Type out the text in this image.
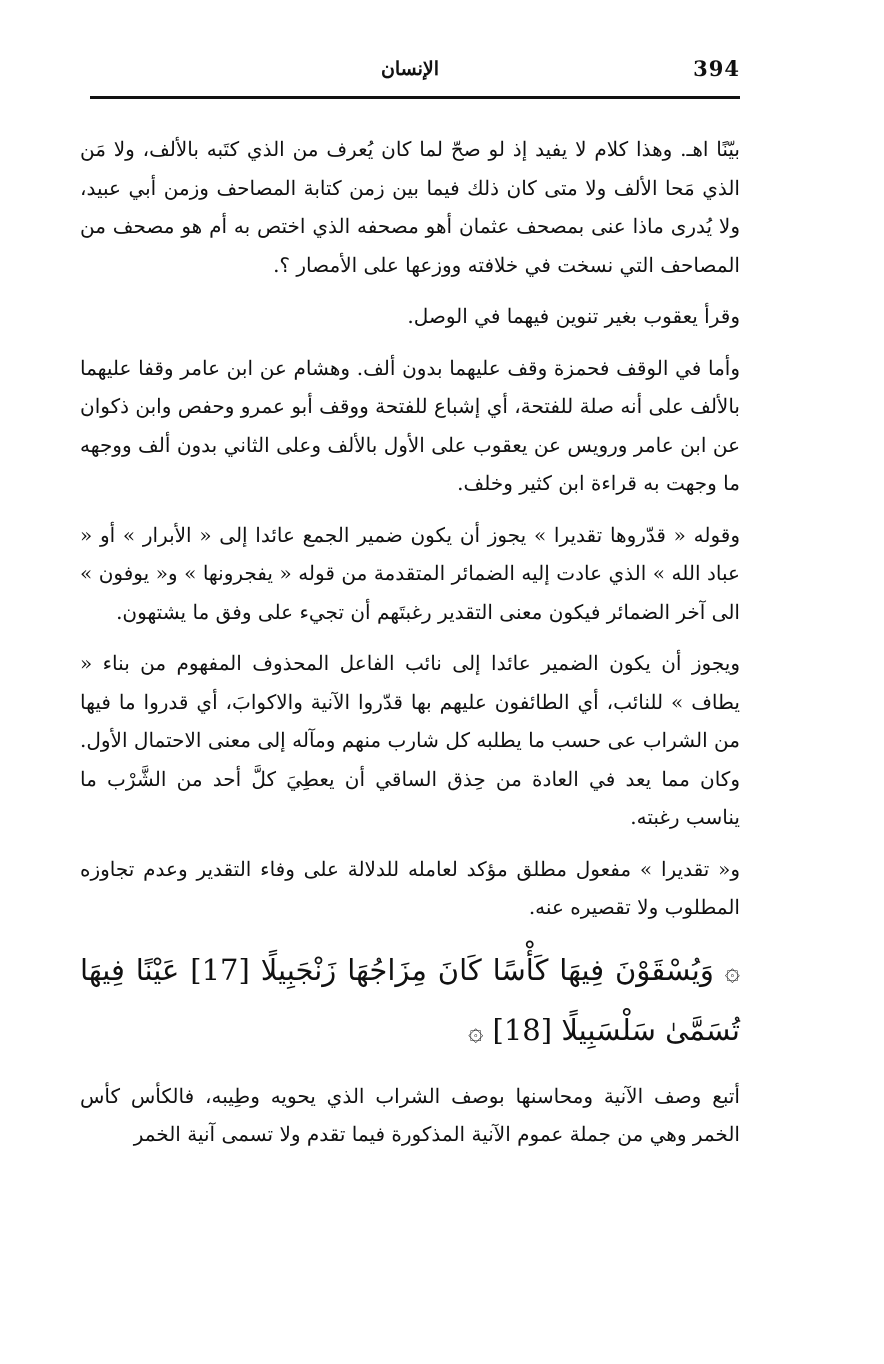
394
الإنسان

بيّنًا اهـ. وهذا كلام لا يفيد إذ لو صحّ لما كان يُعرف من الذي كتَبه بالألف، ولا مَن الذي مَحا الألف ولا متى كان ذلك فيما بين زمن كتابة المصاحف وزمن أبي عبيد، ولا يُدرى ماذا عنى بمصحف عثمان أهو مصحفه الذي اختص به أم هو مصحف من المصاحف التي نسخت في خلافته ووزعها على الأمصار ؟.

وقرأ يعقوب بغير تنوين فيهما في الوصل.

وأما في الوقف فحمزة وقف عليهما بدون ألف. وهشام عن ابن عامر وقفا عليهما بالألف على أنه صلة للفتحة، أي إشباع للفتحة ووقف أبو عمرو وحفص وابن ذكوان عن ابن عامر ورويس عن يعقوب على الأول بالألف وعلى الثاني بدون ألف ووجهه ما وجهت به قراءة ابن كثير وخلف.

وقوله « قدّروها تقديرا » يجوز أن يكون ضمير الجمع عائدا إلى « الأبرار » أو « عباد الله » الذي عادت إليه الضمائر المتقدمة من قوله « يفجرونها » و« يوفون » الى آخر الضمائر فيكون معنى التقدير رغبتَهم أن تجيء على وفق ما يشتهون.

ويجوز أن يكون الضمير عائدا إلى نائب الفاعل المحذوف المفهوم من بناء « يطاف » للنائب، أي الطائفون عليهم بها قدّروا الآنية والاكوابَ، أي قدروا ما فيها من الشراب عى حسب ما يطلبه كل شارب منهم ومآله إلى معنى الاحتمال الأول. وكان مما يعد في العادة من حِذق الساقي أن يعطِيَ كلَّ أحد من الشَّرْب ما يناسب رغبته.

و« تقديرا » مفعول مطلق مؤكد لعامله للدلالة على وفاء التقدير وعدم تجاوزه المطلوب ولا تقصيره عنه.

۞ وَيُسْقَوْنَ فِيهَا كَأْسًا كَانَ مِزَاجُهَا زَنْجَبِيلًا [17] عَيْنًا فِيهَا تُسَمَّىٰ سَلْسَبِيلًا [18] ۞

أتبع وصف الآنية ومحاسنها بوصف الشراب الذي يحويه وطِيبه، فالكأس كأس الخمر وهي من جملة عموم الآنية المذكورة فيما تقدم ولا تسمى آنية الخمر
